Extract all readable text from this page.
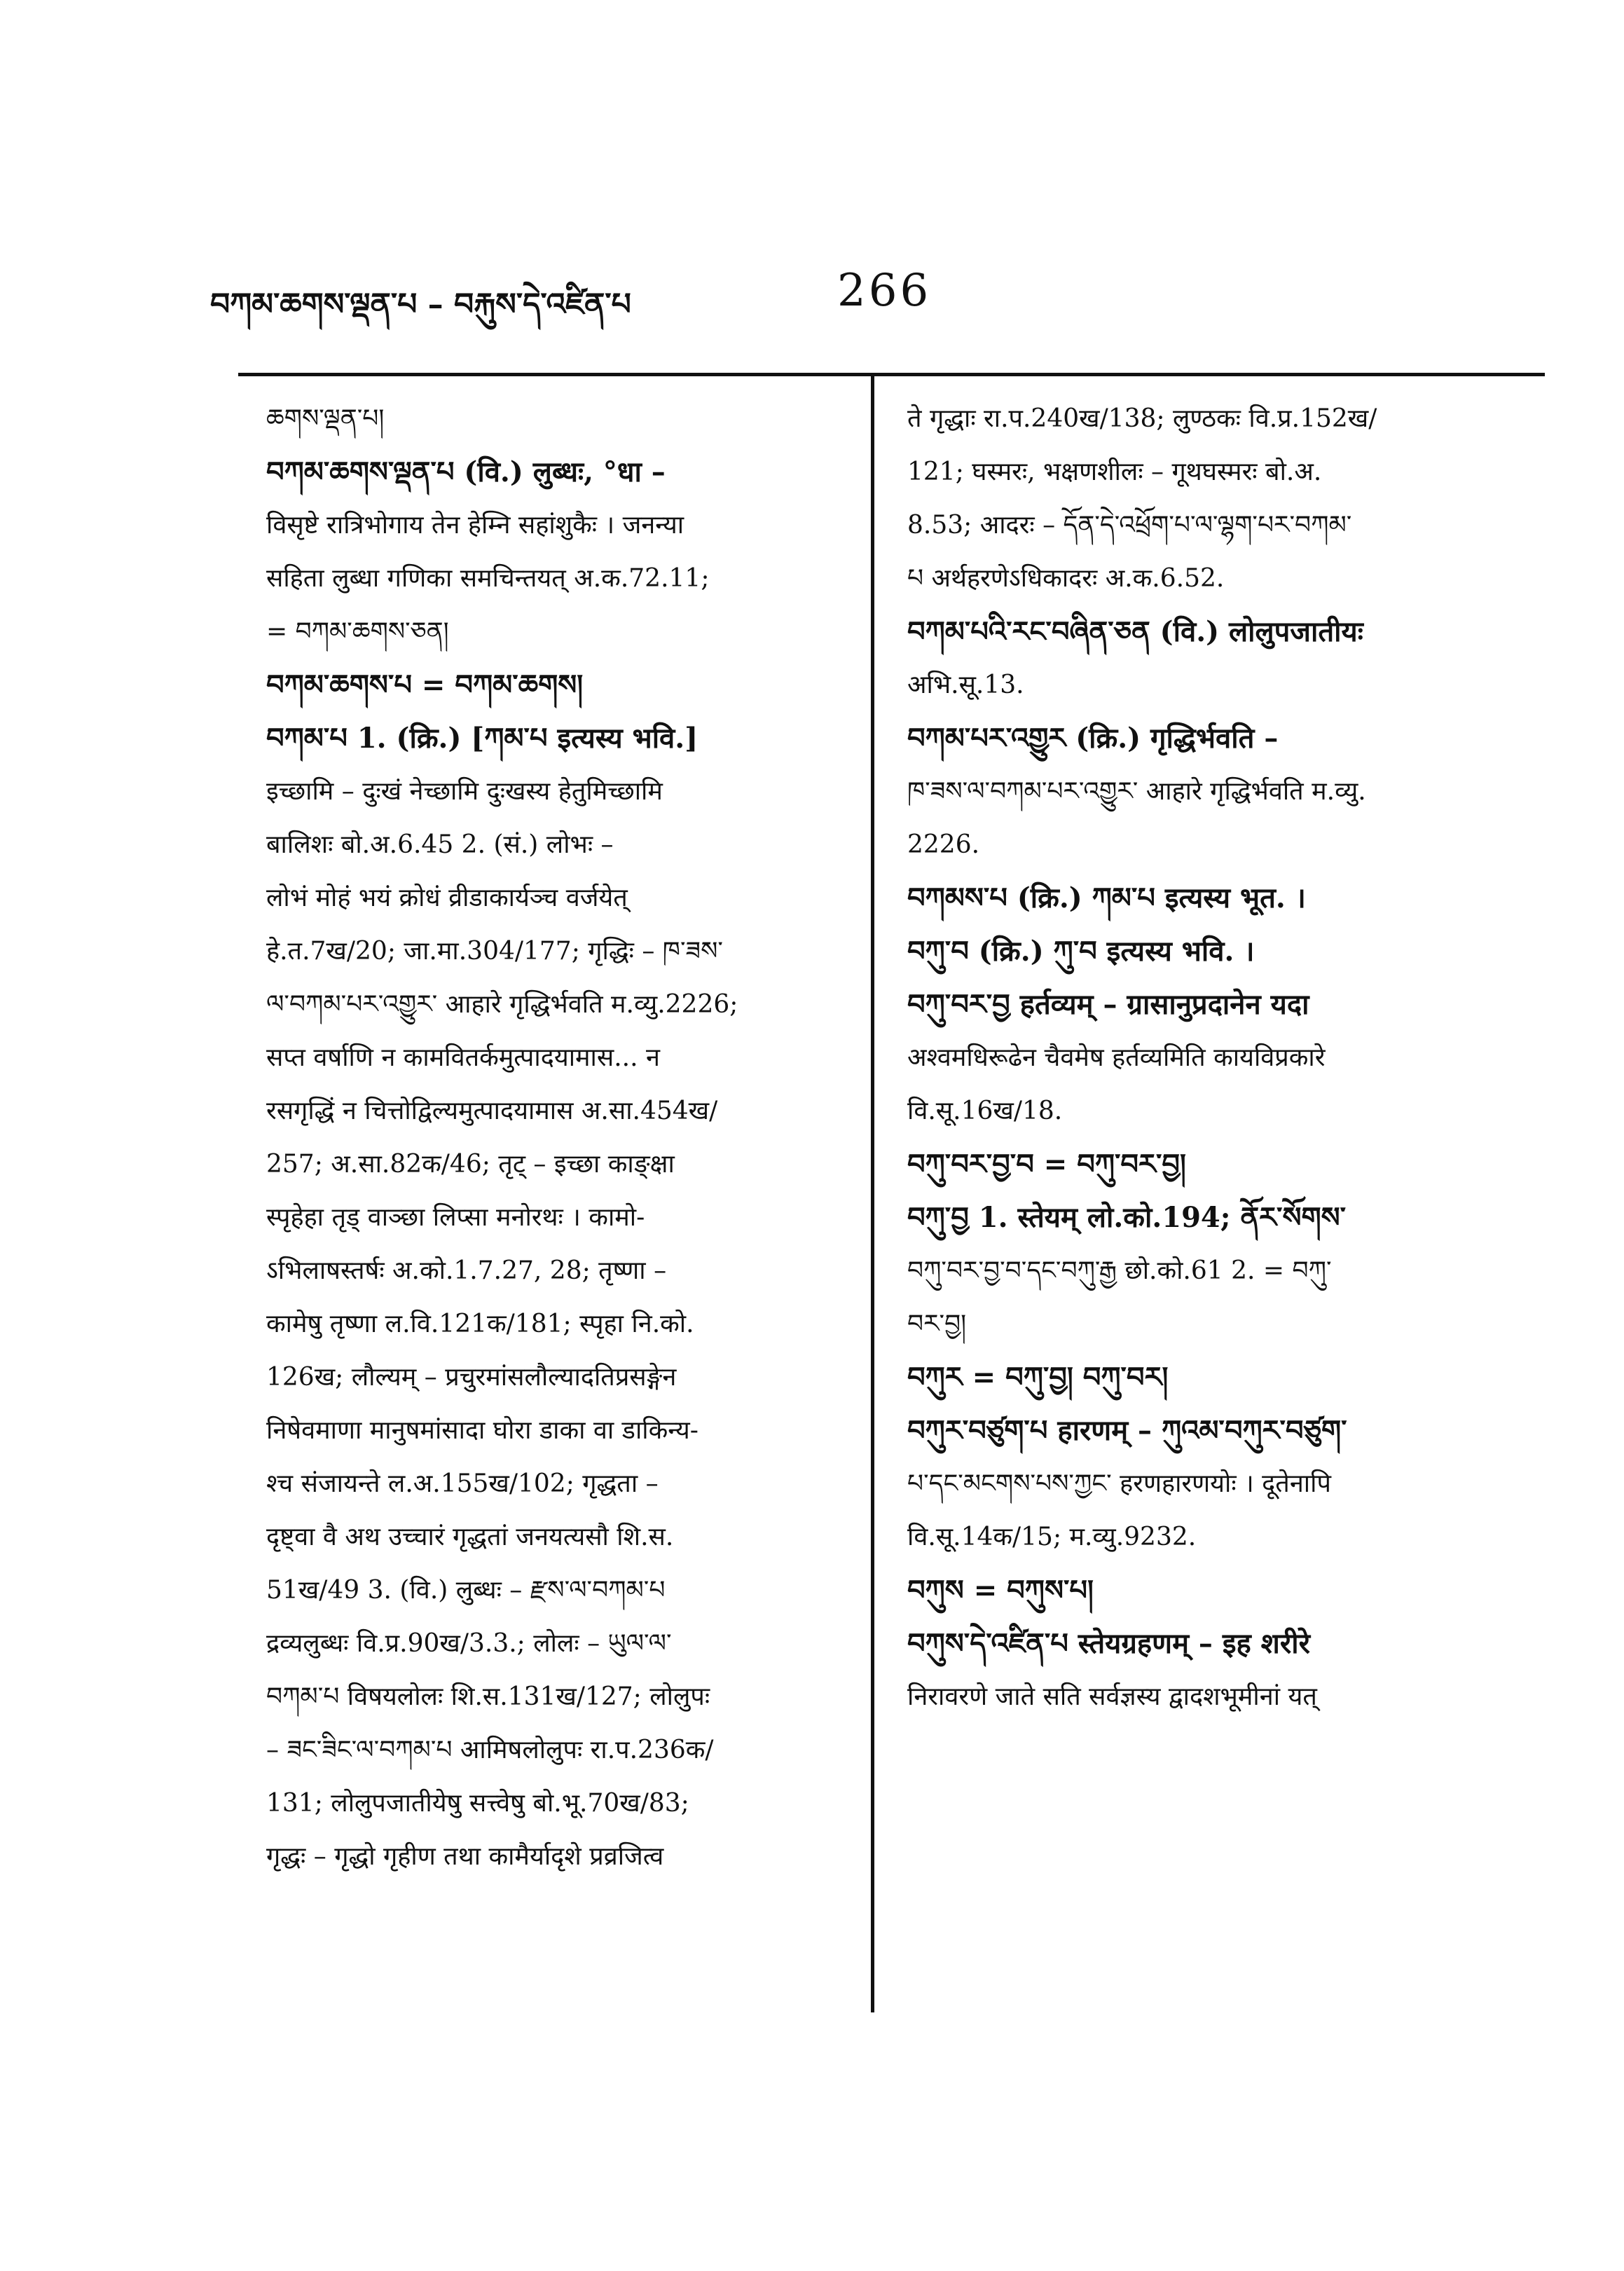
བཀམ་ཆགས་ལྡན་པ – བརྐུས་དེ་འཛིན་པ	266
ཆགས་ལྡན་པ།
བཀམ་ཆགས་ལྡན་པ (वि.) लुब्धः, °धा –
विसृष्टे रात्रिभोगाय तेन हेम्नि सहांशुकैः । जनन्या
सहिता लुब्धा गणिका समचिन्तयत् अ.क.72.11;
= བཀམ་ཆགས་ཅན།
བཀམ་ཆགས་པ = བཀམ་ཆགས།
བཀམ་པ 1. (क्रि.) [ཀམ་པ इत्यस्य भवि.]
इच्छामि – दुःखं नेच्छामि दुःखस्य हेतुमिच्छामि
बालिशः बो.अ.6.45 2. (सं.) लोभः –
लोभं मोहं भयं क्रोधं व्रीडाकार्यञ्च वर्जयेत्
हे.त.7ख/20; जा.मा.304/177; गृद्धिः – ཁ་ཟས་
ལ་བཀམ་པར་འགྱུར་ आहारे गृद्धिर्भवति म.व्यु.2226;
सप्त वर्षाणि न कामवितर्कमुत्पादयामास... न
रसगृद्धिं न चित्तोद्विल्यमुत्पादयामास अ.सा.454ख/
257; अ.सा.82क/46; तृट् – इच्छा काङ्क्षा
स्पृहेहा तृड् वाञ्छा लिप्सा मनोरथः । कामो-
ऽभिलाषस्तर्षः अ.को.1.7.27, 28; तृष्णा –
कामेषु तृष्णा ल.वि.121क/181; स्पृहा नि.को.
126ख; लौल्यम् – प्रचुरमांसलौल्यादतिप्रसङ्गेन
निषेवमाणा मानुषमांसादा घोरा डाका वा डाकिन्य-
श्च संजायन्ते ल.अ.155ख/102; गृद्धता –
दृष्ट्वा वै अथ उच्चारं गृद्धतां जनयत्यसौ शि.स.
51ख/49 3. (वि.) लुब्धः – རྫས་ལ་བཀམ་པ
द्रव्यलुब्धः वि.प्र.90ख/3.3.; लोलः – ཡུལ་ལ་
བཀམ་པ विषयलोलः शि.स.131ख/127; लोलुपः
– ཟང་ཟིང་ལ་བཀམ་པ आमिषलोलुपः रा.प.236क/
131; लोलुपजातीयेषु सत्त्वेषु बो.भू.70ख/83;
गृद्धः – गृद्धो गृहीण तथा कामैर्यादृशे प्रव्रजित्व
ते गृद्धाः रा.प.240ख/138; लुण्ठकः वि.प्र.152ख/
121; घस्मरः, भक्षणशीलः – गूथघस्मरः बो.अ.
8.53; आदरः – དོན་དེ་འཕྲོག་པ་ལ་ལྷག་པར་བཀམ་
པ अर्थहरणेऽधिकादरः अ.क.6.52.
བཀམ་པའི་རང་བཞིན་ཅན (वि.) लोलुपजातीयः
अभि.सू.13.
བཀམ་པར་འགྱུར (क्रि.) गृद्धिर्भवति –
ཁ་ཟས་ལ་བཀམ་པར་འགྱུར་ आहारे गृद्धिर्भवति म.व्यु.
2226.
བཀམས་པ (क्रि.) ཀམ་པ इत्यस्य भूत. ।
བཀུ་བ (क्रि.) ཀུ་བ इत्यस्य भवि. ।
བཀུ་བར་བྱ हर्तव्यम् – ग्रासानुप्रदानेन यदा
अश्वमधिरूढेन चैवमेष हर्तव्यमिति कायविप्रकारे
वि.सू.16ख/18.
བཀུ་བར་བྱ་བ = བཀུ་བར་བྱ།
བཀུ་བྱ 1. स्तेयम् लो.को.194; ནོར་སོགས་
བཀུ་བར་བྱ་བ་དང་བཀུ་རྒྱ छो.को.61 2. = བཀུ་
བར་བྱ།
བཀུར = བཀུ་བྱ། བཀུ་བར།
བཀུར་བཙུག་པ हारणम् – ཀུའམ་བཀུར་བཙུག་
པ་དང་མངགས་པས་ཀྱང་ हरणहारणयोः । दूतेनापि
वि.सू.14क/15; म.व्यु.9232.
བཀུས = བཀུས་པ།
བཀུས་དེ་འཛིན་པ स्तेयग्रहणम् – इह शरीरे
निरावरणे जाते सति सर्वज्ञस्य द्वादशभूमीनां यत्
